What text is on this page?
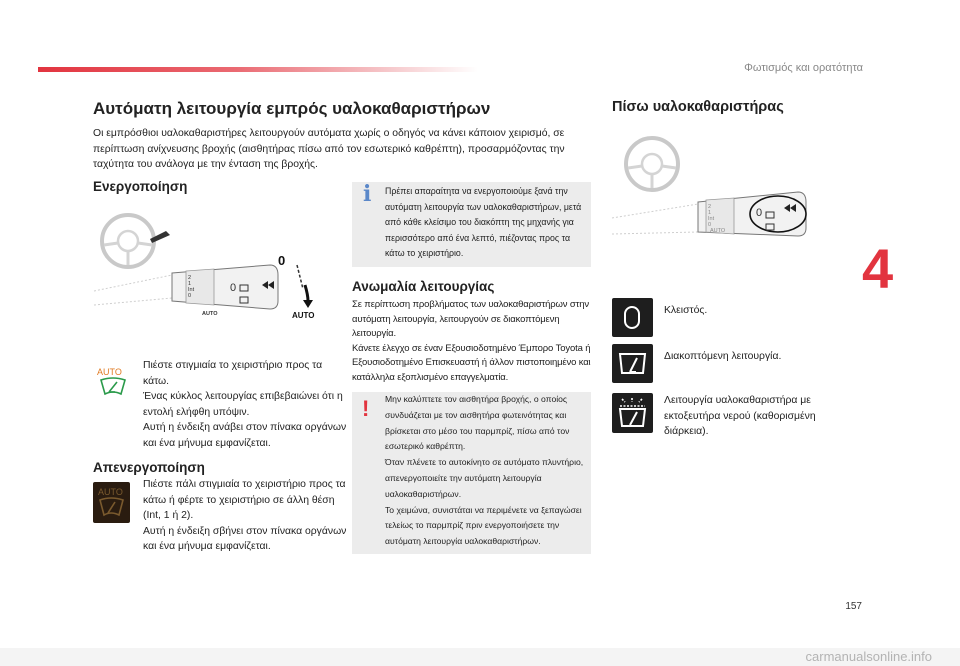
Φωτισμός και ορατότητα
Αυτόματη λειτουργία εμπρός υαλοκαθαριστήρων
Οι εμπρόσθιοι υαλοκαθαριστήρες λειτουργούν αυτόματα χωρίς ο οδηγός να κάνει κάποιον χειρισμό, σε περίπτωση ανίχνευσης βροχής (αισθητήρας πίσω από τον εσωτερικό καθρέπτη), προσαρμόζοντας την ταχύτητα του ανάλογα με την ένταση της βροχής.
Ενεργοποίηση
0
2
1
Int
0
AUTO
0
AUTO
AUTO
Πιέστε στιγμιαία το χειριστήριο προς τα κάτω.
Ένας κύκλος λειτουργίας επιβεβαιώνει ότι η εντολή ελήφθη υπόψιν.
Αυτή η ένδειξη ανάβει στον πίνακα οργάνων και ένα μήνυμα εμφανίζεται.
Απενεργοποίηση
AUTO
Πιέστε πάλι στιγμιαία το χειριστήριο προς τα κάτω ή φέρτε το χειριστήριο σε άλλη θέση (Int, 1 ή 2).
Αυτή η ένδειξη σβήνει στον πίνακα οργάνων και ένα μήνυμα εμφανίζεται.
i Πρέπει απαραίτητα να ενεργοποιούμε ξανά την αυτόματη λειτουργία των υαλοκαθαριστήρων, μετά από κάθε κλείσιμο του διακόπτη της μηχανής για περισσότερο από ένα λεπτό, πιέζοντας προς τα κάτω το χειριστήριο.
Ανωμαλία λειτουργίας
Σε περίπτωση προβλήματος των υαλοκαθαριστήρων στην αυτόματη λειτουργία, λειτουργούν σε διακοπτόμενη λειτουργία.
Κάνετε έλεγχο σε έναν Εξουσιοδοτημένο Έμπορο Toyota ή Εξουσιοδοτημένο Επισκευαστή ή άλλον πιστοποιημένο και κατάλληλα εξοπλισμένο επαγγελματία.
! Μην καλύπτετε τον αισθητήρα βροχής, ο οποίος συνδυάζεται με τον αισθητήρα φωτεινότητας και βρίσκεται στο μέσο του παρμπρίζ, πίσω από τον εσωτερικό καθρέπτη.
Όταν πλένετε το αυτοκίνητο σε αυτόματο πλυντήριο, απενεργοποιείτε την αυτόματη λειτουργία υαλοκαθαριστήρων.
Το χειμώνα, συνιστάται να περιμένετε να ξεπαγώσει τελείως το παρμπρίζ πριν ενεργοποιήσετε την αυτόματη λειτουργία υαλοκαθαριστήρων.
Πίσω υαλοκαθαριστήρας
2
1
Int
0
AUTO
0
Κλειστός.
Διακοπτόμενη λειτουργία.
Λειτουργία υαλοκαθαριστήρα με εκτοξευτήρα νερού (καθορισμένη διάρκεια).
4
157
carmanualsonline.info
